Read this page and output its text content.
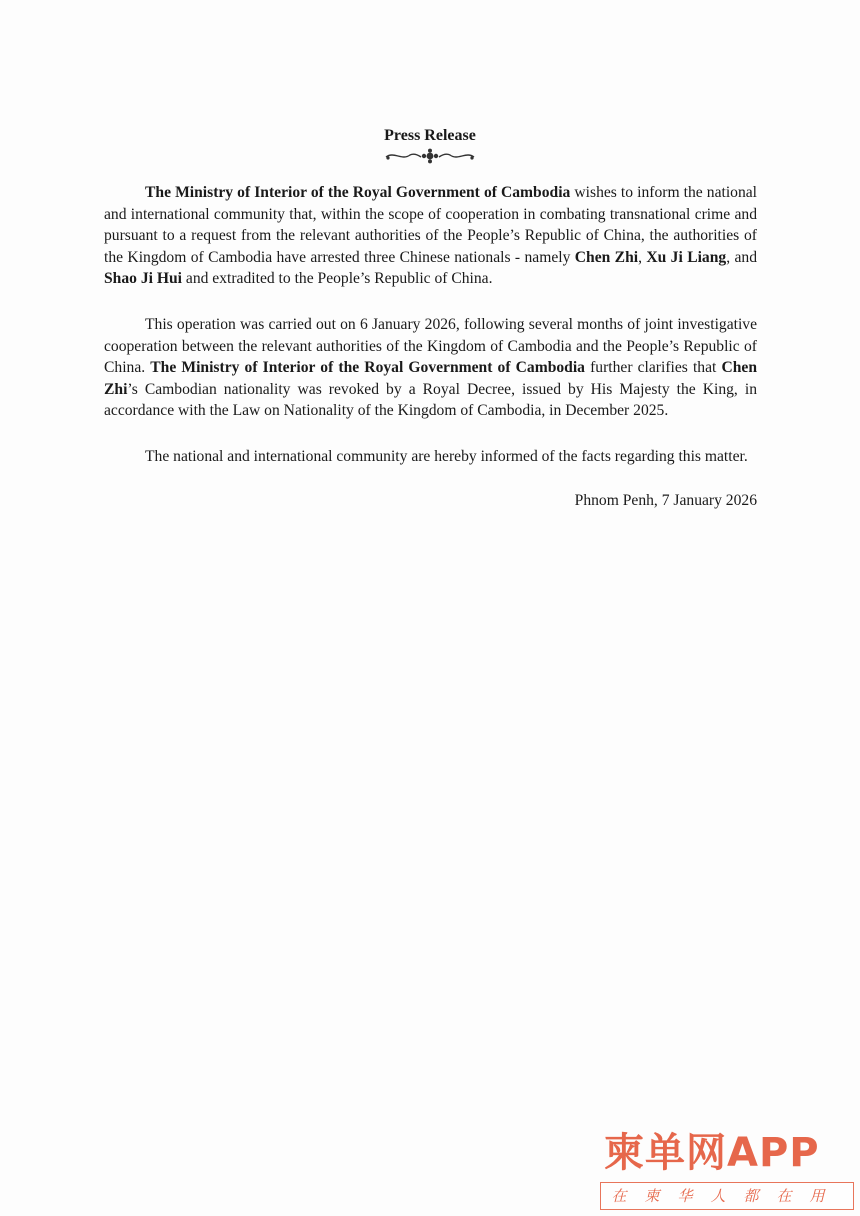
Press Release
The Ministry of Interior of the Royal Government of Cambodia wishes to inform the national and international community that, within the scope of cooperation in combating transnational crime and pursuant to a request from the relevant authorities of the People’s Republic of China, the authorities of the Kingdom of Cambodia have arrested three Chinese nationals - namely Chen Zhi, Xu Ji Liang, and Shao Ji Hui and extradited to the People’s Republic of China.
This operation was carried out on 6 January 2026, following several months of joint investigative cooperation between the relevant authorities of the Kingdom of Cambodia and the People’s Republic of China. The Ministry of Interior of the Royal Government of Cambodia further clarifies that Chen Zhi’s Cambodian nationality was revoked by a Royal Decree, issued by His Majesty the King, in accordance with the Law on Nationality of the Kingdom of Cambodia, in December 2025.
The national and international community are hereby informed of the facts regarding this matter.
Phnom Penh, 7 January 2026
柬单网APP
在柬华人都在用
